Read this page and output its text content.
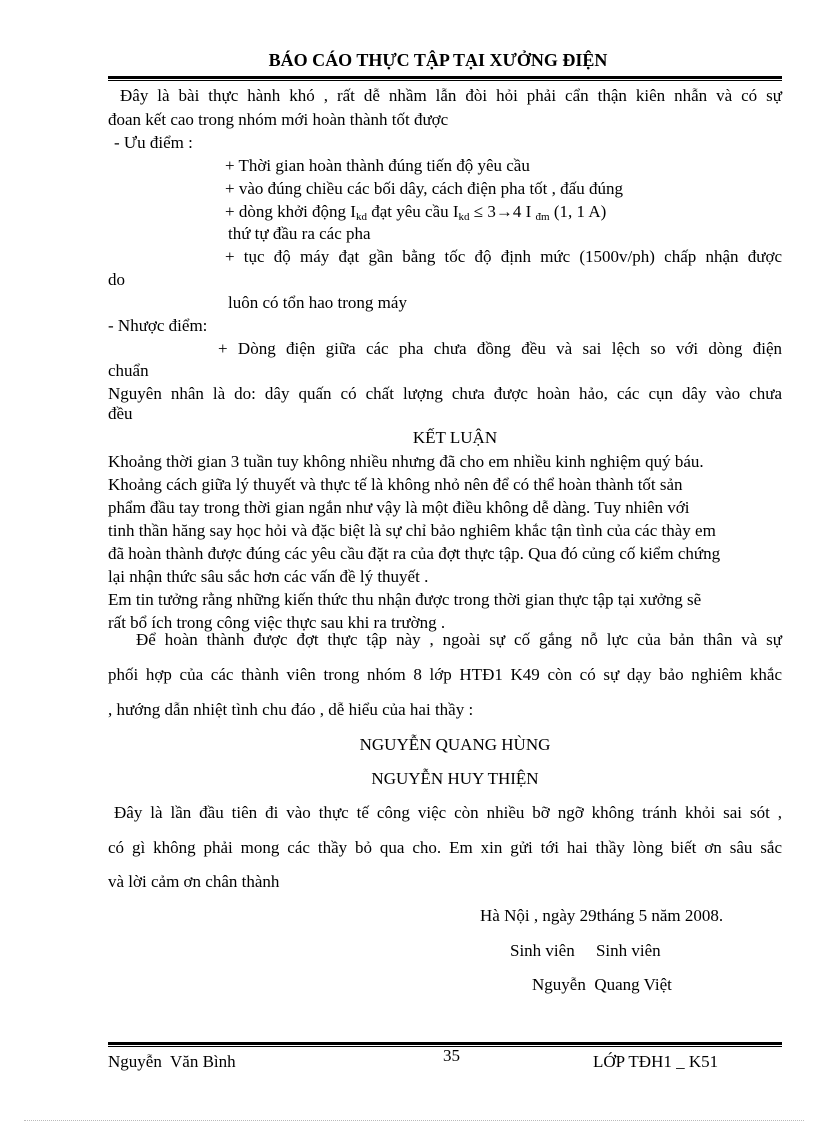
BÁO CÁO THỰC TẬP TẠI XƯỞNG ĐIỆN
Đây là bài thực hành khó , rất dễ nhầm lẫn đòi hỏi phải cẩn thận kiên nhẫn và có sự
đoan kết cao trong nhóm mới hoàn thành tốt được
- Ưu điểm :
+ Thời gian hoàn thành đúng tiến độ yêu cầu
+ vào đúng chiều các bối dây, cách điện pha tốt , đấu đúng
+ dòng khởi động $I_{kd}$ đạt yêu cầu $I_{kd} \le 3\to 4$ I $_{đm}$ (1, 1 A)
thứ tự đầu ra các pha
+ tục độ máy đạt gần bằng tốc độ định mức (1500v/ph) chấp nhận được
do
luôn có tổn hao trong máy
- Nhược điểm:
+ Dòng điện giữa các pha chưa đồng đều và sai lệch so với dòng điện
chuẩn
Nguyên nhân là do: dây quấn có chất lượng chưa được hoàn hảo, các cụn dây vào chưa
đều
KẾT LUẬN
Khoảng thời gian 3 tuần tuy không nhiều nhưng đã cho em nhiều kinh nghiệm quý báu.
Khoảng cách giữa lý thuyết và thực tế là không nhỏ nên để có thể hoàn thành tốt sản
phẩm đầu tay trong thời gian ngắn như vậy là một điều không dễ dàng. Tuy nhiên với
tinh thần hăng say học hỏi và đặc biệt là sự chỉ bảo nghiêm khắc tận tình của các thày em
đã hoàn thành được đúng các yêu cầu đặt ra của đợt thực tập. Qua đó củng cố kiểm chứng
lại nhận thức sâu sắc hơn các vấn đề lý thuyết .
Em tin tưởng rằng những kiến thức thu nhận được trong thời gian thực tập tại xưởng sẽ
rất bổ ích trong công việc thực sau khi ra trường .
Để hoàn thành được đợt thực tập này , ngoài sự cố gắng nỗ lực của bản thân và sự
phối hợp của các thành viên trong nhóm 8 lớp HTĐ1 K49 còn có sự dạy bảo nghiêm khắc
, hướng dẫn nhiệt tình chu đáo , dễ hiểu của hai thầy :
NGUYỄN QUANG HÙNG
NGUYỄN HUY THIỆN
Đây là lần đầu tiên đi vào thực tế công việc còn nhiều bỡ ngỡ không tránh khỏi sai sót ,
có gì không phải mong các thầy bỏ qua cho. Em xin gửi tới hai thầy lòng biết ơn sâu sắc
và lời cảm ơn chân thành
Hà Nội , ngày 29tháng 5 năm 2008.
Sinh viên     Sinh viên
Nguyễn  Quang Việt
Nguyễn  Văn Bình	35	LỚP TĐH1 _ K51
